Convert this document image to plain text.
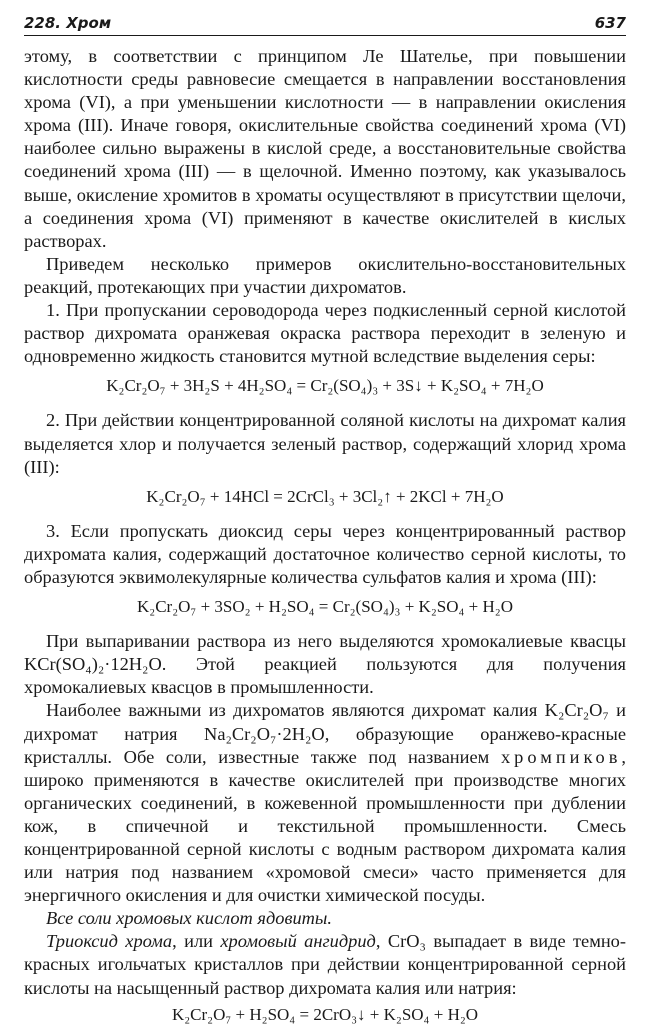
228. Хром	637

этому, в соответствии с принципом Ле Шателье, при повышении кислотности среды равновесие смещается в направлении восстановления хрома (VI), а при уменьшении кислотности — в направлении окисления хрома (III). Иначе говоря, окислительные свойства соединений хрома (VI) наиболее сильно выражены в кислой среде, а восстановительные свойства соединений хрома (III) — в щелочной. Именно поэтому, как указывалось выше, окисление хромитов в хроматы осуществляют в присутствии щелочи, а соединения хрома (VI) применяют в качестве окислителей в кислых растворах.

Приведем несколько примеров окислительно-восстановительных реакций, протекающих при участии дихроматов.

1. При пропускании сероводорода через подкисленный серной кислотой раствор дихромата оранжевая окраска раствора переходит в зеленую и одновременно жидкость становится мутной вследствие выделения серы:

K₂Cr₂O₇ + 3H₂S + 4H₂SO₄ = Cr₂(SO₄)₃ + 3S↓ + K₂SO₄ + 7H₂O

2. При действии концентрированной соляной кислоты на дихромат калия выделяется хлор и получается зеленый раствор, содержащий хлорид хрома (III):

K₂Cr₂O₇ + 14HCl = 2CrCl₃ + 3Cl₂↑ + 2KCl + 7H₂O

3. Если пропускать диоксид серы через концентрированный раствор дихромата калия, содержащий достаточное количество серной кислоты, то образуются эквимолекулярные количества сульфатов калия и хрома (III):

K₂Cr₂O₇ + 3SO₂ + H₂SO₄ = Cr₂(SO₄)₃ + K₂SO₄ + H₂O

При выпаривании раствора из него выделяются хромокалиевые квасцы KCr(SO₄)₂·12H₂O. Этой реакцией пользуются для получения хромокалиевых квасцов в промышленности.

Наиболее важными из дихроматов являются дихромат калия K₂Cr₂O₇ и дихромат натрия Na₂Cr₂O₇·2H₂O, образующие оранжево-красные кристаллы. Обе соли, известные также под названием хромпиков, широко применяются в качестве окислителей при производстве многих органических соединений, в кожевенной промышленности при дублении кож, в спичечной и текстильной промышленности. Смесь концентрированной серной кислоты с водным раствором дихромата калия или натрия под названием «хромовой смеси» часто применяется для энергичного окисления и для очистки химической посуды.

Все соли хромовых кислот ядовиты.

Триоксид хрома, или хромовый ангидрид, CrO₃ выпадает в виде темно-красных игольчатых кристаллов при действии концентрированной серной кислоты на насыщенный раствор дихромата калия или натрия:

K₂Cr₂O₇ + H₂SO₄ = 2CrO₃↓ + K₂SO₄ + H₂O
